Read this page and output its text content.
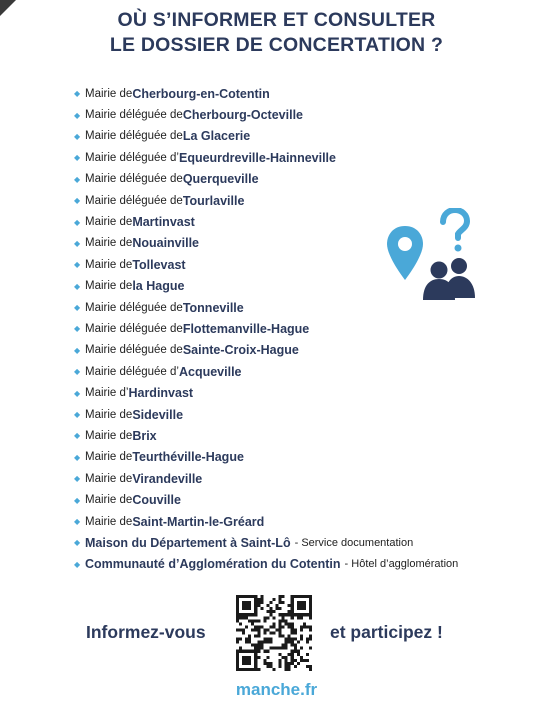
OÙ S’INFORMER ET CONSULTER
LE DOSSIER DE CONCERTATION ?
◆ Mairie de Cherbourg-en-Cotentin
◆ Mairie déléguée de Cherbourg-Octeville
◆ Mairie déléguée de La Glacerie
◆ Mairie déléguée d’ Equeurdreville-Hainneville
◆ Mairie déléguée de Querqueville
◆ Mairie déléguée de Tourlaville
◆ Mairie de Martinvast
◆ Mairie de Nouainville
◆ Mairie de Tollevast
◆ Mairie de la Hague
◆ Mairie déléguée de Tonneville
◆ Mairie déléguée de Flottemanville-Hague
◆ Mairie déléguée de Sainte-Croix-Hague
◆ Mairie déléguée d’ Acqueville
◆ Mairie d’ Hardinvast
◆ Mairie de Sideville
◆ Mairie de Brix
◆ Mairie de Teurthéville-Hague
◆ Mairie de Virandeville
◆ Mairie de Couville
◆ Mairie de Saint-Martin-le-Gréard
◆ Maison du Département à Saint-Lô - Service documentation
◆ Communauté d’Agglomération du Cotentin - Hôtel d’agglomération
Informez-vous	et participez !
manche.fr
